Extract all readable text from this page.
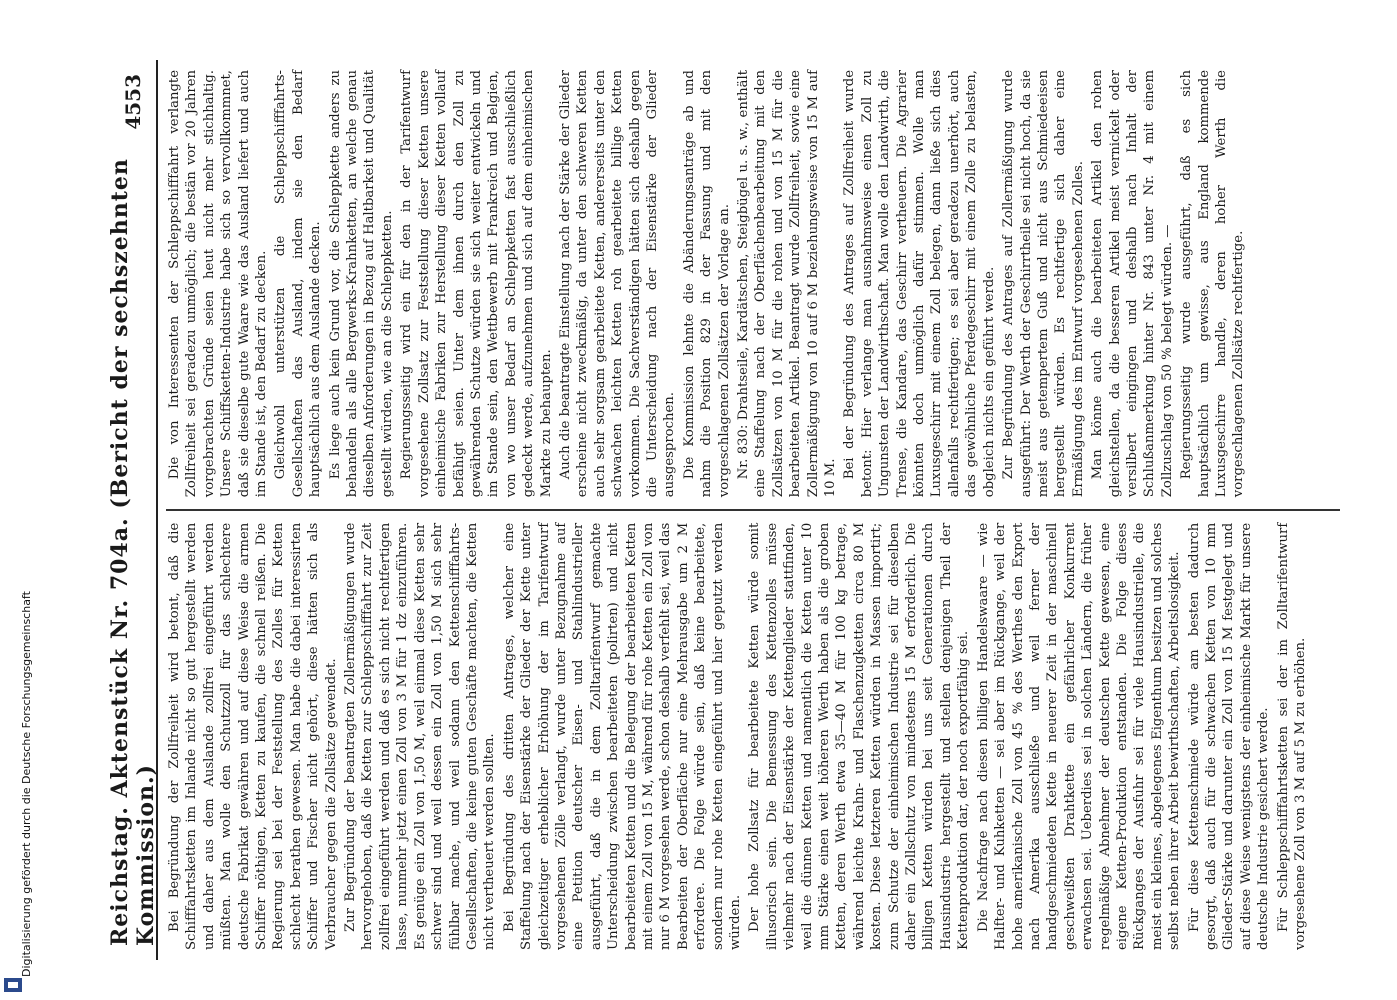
Reichstag. Aktenstück Nr. 704a. (Bericht der sechszehnten Kommission.)
4553

Bei Begründung der Zollfreiheit wird betont, daß die Schifffahrtsketten im Inlande nicht so gut hergestellt werden und daher aus dem Auslande zollfrei eingeführt werden müßten. Man wolle den Schutzzoll für das schlechtere deutsche Fabrikat gewähren und auf diese Weise die armen Schiffer nöthigen, Ketten zu kaufen, die schnell reißen. Die Regierung sei bei der Feststellung des Zolles für Ketten schlecht berathen gewesen. Man habe die dabei interessirten Schiffer und Fischer nicht gehört, diese hätten sich als Verbraucher gegen die Zollsätze gewendet. Zur Begründung der beantragten Zollermäßigungen wurde hervorgehoben, daß die Ketten zur Schleppschifffahrt zur Zeit zollfrei eingeführt werden und daß es sich nicht rechtfertigen lasse, nunmehr jetzt einen Zoll von 3 M für 1 dz einzuführen. Es genüge ein Zoll von 1,50 M, weil einmal diese Ketten sehr schwer sind und weil dessen ein Zoll von 1,50 M sich sehr fühlbar mache, und weil sodann den Kettenschifffahrts-Gesellschaften, die keine guten Geschäfte machten, die Ketten nicht vertheuert werden sollten. Bei Begründung des dritten Antrages, welcher eine Staffelung nach der Eisenstärke der Glieder der Kette unter gleichzeitiger erheblicher Erhöhung der im Tarifentwurf vorgesehenen Zölle verlangt, wurde unter Bezugnahme auf eine Petition deutscher Eisen- und Stahlindustrieller ausgeführt, daß die in dem Zolltarifentwurf gemachte Unterscheidung zwischen bearbeiteten (polirten) und nicht bearbeiteten Ketten und die Belegung der bearbeiteten Ketten mit einem Zoll von 15 M, während für rohe Ketten ein Zoll von nur 6 M vorgesehen werde, schon deshalb verfehlt sei, weil das Bearbeiten der Oberfläche nur eine Mehrausgabe um 2 M erfordere. Die Folge würde sein, daß keine bearbeitete, sondern nur rohe Ketten eingeführt und hier geputzt werden würden. Der hohe Zollsatz für bearbeitete Ketten würde somit illusorisch sein. Die Bemessung des Kettenzolles müsse vielmehr nach der Eisenstärke der Kettenglieder stattfinden, weil die dünnen Ketten und namentlich die Ketten unter 10 mm Stärke einen weit höheren Werth haben als die groben Ketten, deren Werth etwa 35—40 M für 100 kg betrage, während leichte Krahn- und Flaschenzugketten circa 80 M kosten. Diese letzteren Ketten würden in Massen importirt; zum Schutze der einheimischen Industrie sei für dieselben daher ein Zollschutz von mindestens 15 M erforderlich. Die billigen Ketten würden bei uns seit Generationen durch Hausindustrie hergestellt und stellen denjenigen Theil der Kettenproduktion dar, der noch exportfähig sei. Die Nachfrage nach diesen billigen Handelswaare — wie Halfter- und Kuhketten — sei aber im Rückgange, weil der hohe amerikanische Zoll von 45 % des Werthes den Export nach Amerika ausschließe und weil ferner der handgeschmiedeten Kette in neuerer Zeit in der maschinell geschweißten Drahtkette ein gefährlicher Konkurrent erwachsen sei. Ueberdies sei in solchen Ländern, die früher regelmäßige Abnehmer der deutschen Kette gewesen, eine eigene Ketten-Produktion entstanden. Die Folge dieses Rückganges der Ausfuhr sei für viele Hausindustrielle, die meist ein kleines, abgelegenes Eigenthum besitzen und solches selbst neben ihrer Arbeit bewirthschaften, Arbeitslosigkeit. Für diese Kettenschmiede würde am besten dadurch gesorgt, daß auch für die schwachen Ketten von 10 mm Glieder-Stärke und darunter ein Zoll von 15 M festgelegt und auf diese Weise wenigstens der einheimische Markt für unsere deutsche Industrie gesichert werde. Für Schleppschifffahrtsketten sei der im Zolltarifentwurf vorgesehene Zoll von 3 M auf 5 M zu erhöhen.

Die von Interessenten der Schleppschifffahrt verlangte Zollfreiheit sei geradezu unmöglich; die bestän vor 20 Jahren vorgebrachten Gründe seien heut nicht mehr stichhaltig. Unsere Schiffsketten-Industrie habe sich so vervollkommnet, daß sie dieselbe gute Waare wie das Ausland liefert und auch im Stande ist, den Bedarf zu decken. Gleichwohl unterstützen die Schleppschifffahrts-Gesellschaften das Ausland, indem sie den Bedarf hauptsächlich aus dem Auslande decken. Es liege auch kein Grund vor, die Schleppkette anders zu behandeln als alle Bergwerks-Krahnketten, an welche genau dieselben Anforderungen in Bezug auf Haltbarkeit und Qualität gestellt würden, wie an die Schleppketten. Regierungsseitig wird ein für den in der Tarifentwurf vorgesehene Zollsatz zur Feststellung dieser Ketten unsere einheimische Fabriken zur Herstellung dieser Ketten vollauf befähigt seien. Unter dem ihnen durch den Zoll zu gewährenden Schutze würden sie sich weiter entwickeln und im Stande sein, den Wettbewerb mit Frankreich und Belgien, von wo unser Bedarf an Schleppketten fast ausschließlich gedeckt werde, aufzunehmen und sich auf dem einheimischen Markte zu behaupten. Auch die beantragte Einstellung nach der Stärke der Glieder erscheine nicht zweckmäßig, da unter den schweren Ketten auch sehr sorgsam gearbeitete Ketten, andererseits unter den schwachen leichten Ketten roh gearbeitete billige Ketten vorkommen. Die Sachverständigen hätten sich deshalb gegen die Unterscheidung nach der Eisenstärke der Glieder ausgesprochen. Die Kommission lehnte die Abänderungsanträge ab und nahm die Position 829 in der Fassung und mit den vorgeschlagenen Zollsätzen der Vorlage an. Nr. 830: Drahtseile, Kardätschen, Steigbügel u. s. w., enthält eine Staffelung nach der Oberflächenbearbeitung mit den Zollsätzen von 10 M für die rohen und von 15 M für die bearbeiteten Artikel. Beantragt wurde Zollfreiheit, sowie eine Zollermäßigung von 10 auf 6 M beziehungsweise von 15 M auf 10 M. Bei der Begründung des Antrages auf Zollfreiheit wurde betont: Hier verlange man ausnahmsweise einen Zoll zu Ungunsten der Landwirthschaft. Man wolle den Landwirth, die Trense, die Kandare, das Geschirr vertheuern. Die Agrarier könnten doch unmöglich dafür stimmen. Wolle man Luxusgeschirr mit einem Zoll belegen, dann ließe sich dies allenfalls rechtfertigen; es sei aber geradezu unerhört, auch das gewöhnliche Pferdegeschirr mit einem Zolle zu belasten, obgleich nichts ein geführt werde. Zur Begründung des Antrages auf Zollermäßigung wurde ausgeführt: Der Werth der Geschirrtheile sei nicht hoch, da sie meist aus getempertem Guß und nicht aus Schmiedeeisen hergestellt würden. Es rechtfertige sich daher eine Ermäßigung des im Entwurf vorgesehenen Zolles. Man könne auch die bearbeiteten Artikel den rohen gleichstellen, da die besseren Artikel meist vernickelt oder versilbert eingingen und deshalb nach Inhalt der Schlußanmerkung hinter Nr. 843 unter Nr. 4 mit einem Zollzuschlag von 50 % belegt würden. — Regierungsseitig wurde ausgeführt, daß es sich hauptsächlich um gewisse, aus England kommende Luxusgeschirre handle, deren hoher Werth die vorgeschlagenen Zollsätze rechtfertige.

Digitalisierung gefördert durch die Deutsche Forschungsgemeinschaft
